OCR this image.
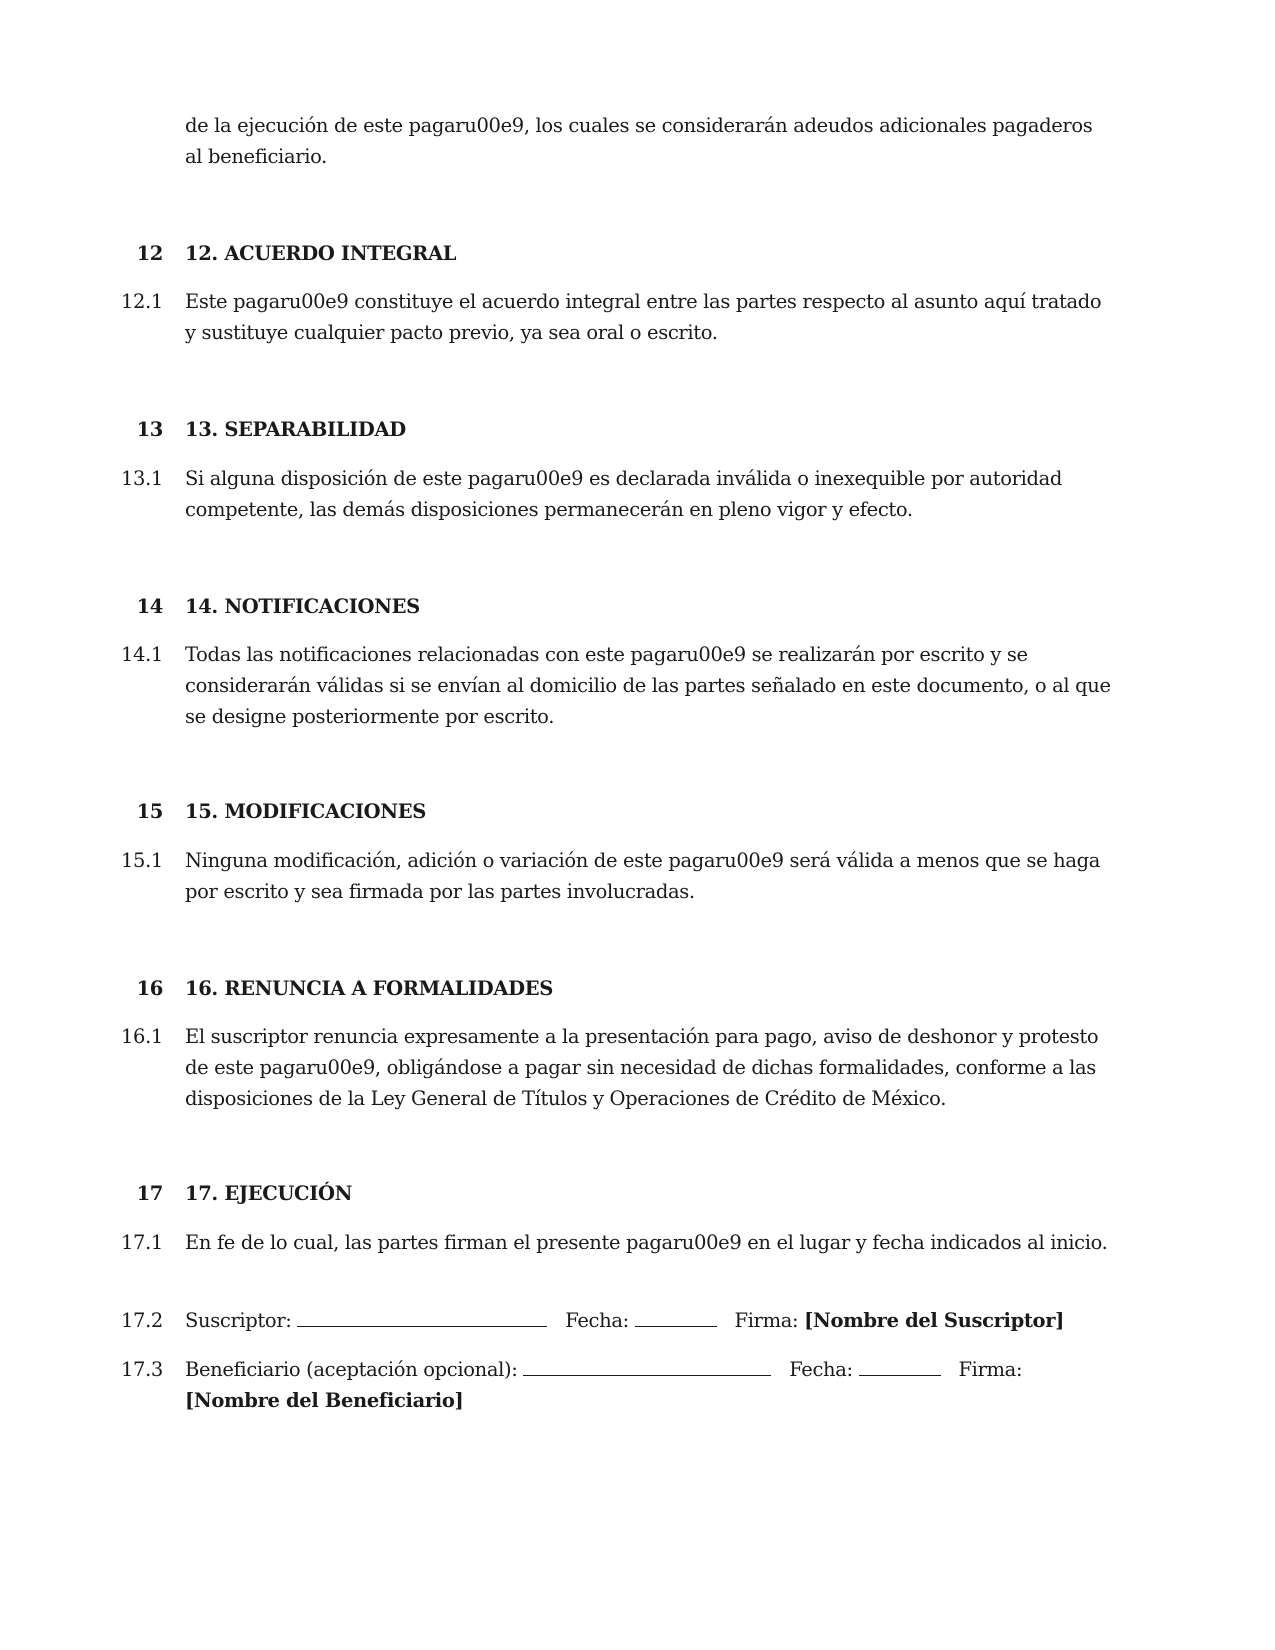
de la ejecución de este pagaru00e9, los cuales se considerarán adeudos adicionales pagaderos al beneficiario.
12	12. ACUERDO INTEGRAL
12.1	Este pagaru00e9 constituye el acuerdo integral entre las partes respecto al asunto aquí tratado y sustituye cualquier pacto previo, ya sea oral o escrito.
13	13. SEPARABILIDAD
13.1	Si alguna disposición de este pagaru00e9 es declarada inválida o inexequible por autoridad competente, las demás disposiciones permanecerán en pleno vigor y efecto.
14	14. NOTIFICACIONES
14.1	Todas las notificaciones relacionadas con este pagaru00e9 se realizarán por escrito y se considerarán válidas si se envían al domicilio de las partes señalado en este documento, o al que se designe posteriormente por escrito.
15	15. MODIFICACIONES
15.1	Ninguna modificación, adición o variación de este pagaru00e9 será válida a menos que se haga por escrito y sea firmada por las partes involucradas.
16	16. RENUNCIA A FORMALIDADES
16.1	El suscriptor renuncia expresamente a la presentación para pago, aviso de deshonor y protesto de este pagaru00e9, obligándose a pagar sin necesidad de dichas formalidades, conforme a las disposiciones de la Ley General de Títulos y Operaciones de Crédito de México.
17	17. EJECUCIÓN
17.1	En fe de lo cual, las partes firman el presente pagaru00e9 en el lugar y fecha indicados al inicio.
17.2	Suscriptor:	Fecha:	Firma: [Nombre del Suscriptor]
17.3	Beneficiario (aceptación opcional):	Fecha:	Firma:
[Nombre del Beneficiario]
